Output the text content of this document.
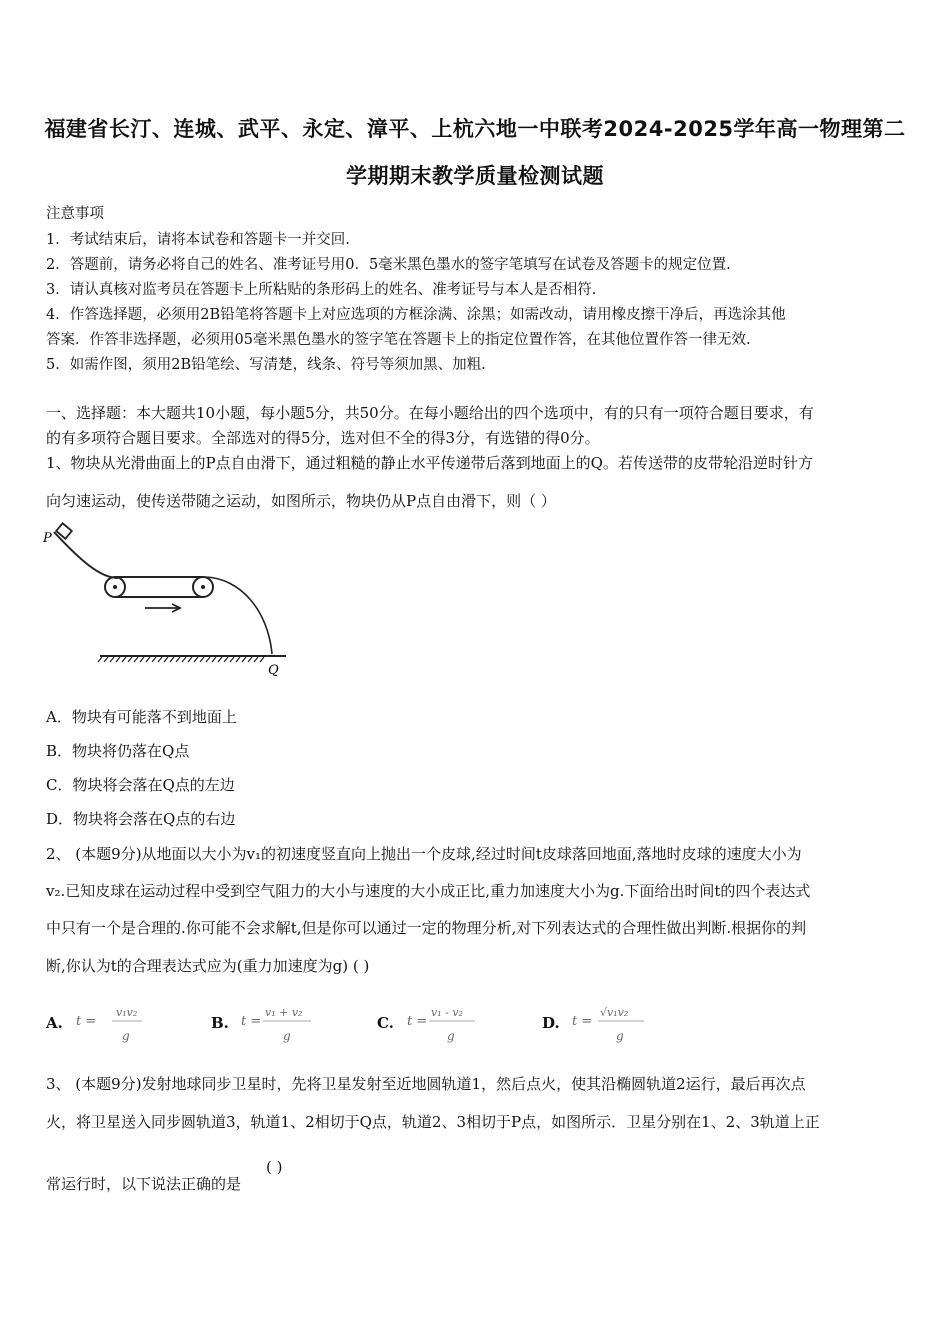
福建省长汀、连城、武平、永定、漳平、上杭六地一中联考2024-2025学年高一物理第二
学期期末教学质量检测试题
注意事项
1．考试结束后，请将本试卷和答题卡一并交回.
2．答题前，请务必将自己的姓名、准考证号用0．5毫米黑色墨水的签字笔填写在试卷及答题卡的规定位置.
3．请认真核对监考员在答题卡上所粘贴的条形码上的姓名、准考证号与本人是否相符.
4．作答选择题，必须用2B铅笔将答题卡上对应选项的方框涂满、涂黑；如需改动，请用橡皮擦干净后，再选涂其他
答案．作答非选择题，必须用05毫米黑色墨水的签字笔在答题卡上的指定位置作答，在其他位置作答一律无效.
5．如需作图，须用2B铅笔绘、写清楚，线条、符号等须加黑、加粗.
一、选择题：本大题共10小题，每小题5分，共50分。在每小题给出的四个选项中，有的只有一项符合题目要求，有
的有多项符合题目要求。全部选对的得5分，选对但不全的得3分，有选错的得0分。
1、物块从光滑曲面上的P点自由滑下，通过粗糙的静止水平传递带后落到地面上的Q。若传送带的皮带轮沿逆时针方
向匀速运动，使传送带随之运动，如图所示，物块仍从P点自由滑下，则（ ）
P
Q
A．物块有可能落不到地面上
B．物块将仍落在Q点
C．物块将会落在Q点的左边
D．物块将会落在Q点的右边
2、 (本题9分)从地面以大小为v₁的初速度竖直向上抛出一个皮球,经过时间t皮球落回地面,落地时皮球的速度大小为
v₂.已知皮球在运动过程中受到空气阻力的大小与速度的大小成正比,重力加速度大小为g.下面给出时间t的四个表达式
中只有一个是合理的.你可能不会求解t,但是你可以通过一定的物理分析,对下列表达式的合理性做出判断.根据你的判
断,你认为t的合理表达式应为(重力加速度为g) ( )
A. t =
v₁v₂
g
B. t =
v₁ + v₂
g
C. t =
v₁ - v₂
g
D. t =
√v₁v₂
g
3、 (本题9分)发射地球同步卫星时，先将卫星发射至近地圆轨道1，然后点火，使其沿椭圆轨道2运行，最后再次点
火，将卫星送入同步圆轨道3，轨道1、2相切于Q点，轨道2、3相切于P点，如图所示．卫星分别在1、2、3轨道上正
常运行时，以下说法正确的是
( )
